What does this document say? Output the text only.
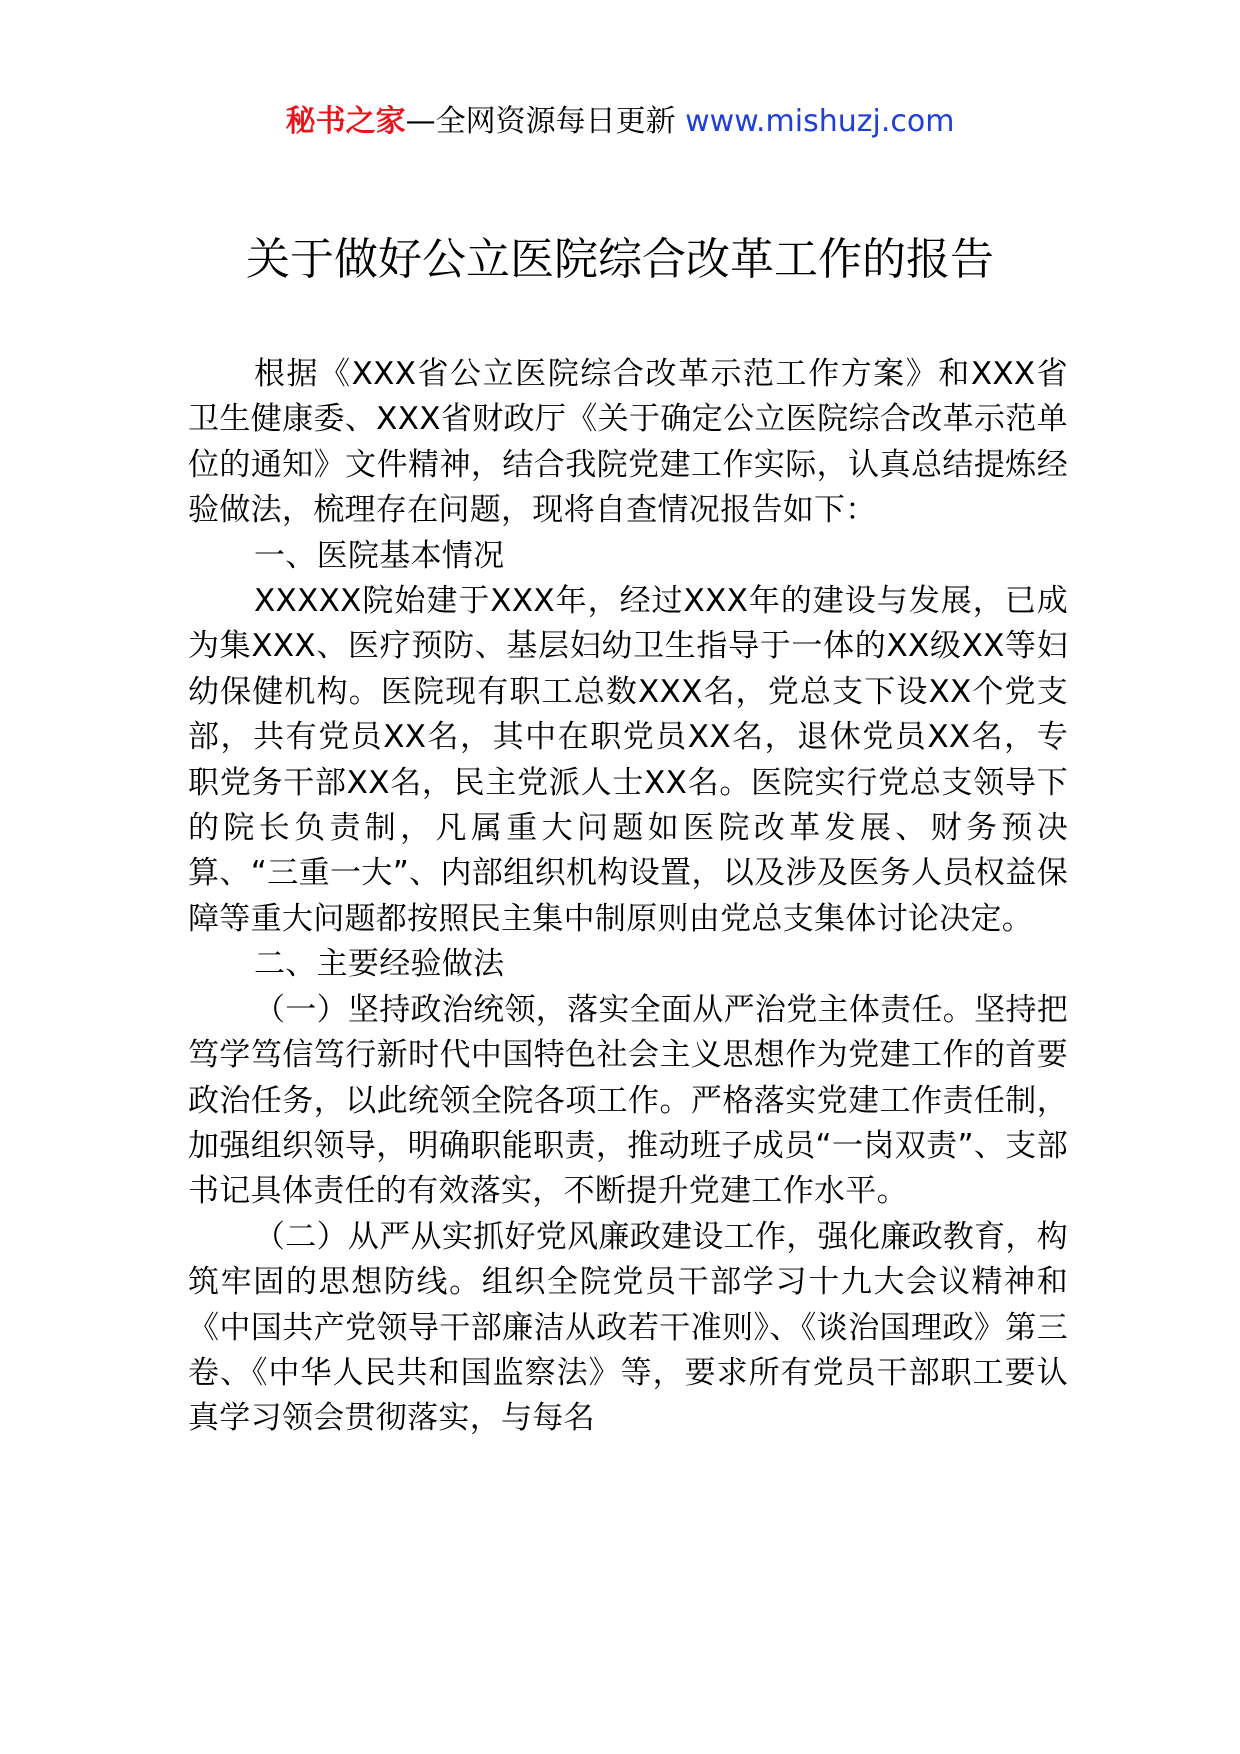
秘书之家—全网资源每日更新 www.mishuzj.com
关于做好公立医院综合改革工作的报告

根据《XXX省公立医院综合改革示范工作方案》和XXX省卫生健康委、XXX省财政厅《关于确定公立医院综合改革示范单位的通知》文件精神，结合我院党建工作实际，认真总结提炼经验做法，梳理存在问题，现将自查情况报告如下：

一、医院基本情况

XXXXX院始建于XXX年，经过XXX年的建设与发展，已成为集XXX、医疗预防、基层妇幼卫生指导于一体的XX级XX等妇幼保健机构。医院现有职工总数XXX名，党总支下设XX个党支部，共有党员XX名，其中在职党员XX名，退休党员XX名，专职党务干部XX名，民主党派人士XX名。医院实行党总支领导下的院长负责制，凡属重大问题如医院改革发展、财务预决算、“三重一大”、内部组织机构设置，以及涉及医务人员权益保障等重大问题都按照民主集中制原则由党总支集体讨论决定。

二、主要经验做法

（一）坚持政治统领，落实全面从严治党主体责任。坚持把笃学笃信笃行新时代中国特色社会主义思想作为党建工作的首要政治任务，以此统领全院各项工作。严格落实党建工作责任制，加强组织领导，明确职能职责，推动班子成员“一岗双责”、支部书记具体责任的有效落实，不断提升党建工作水平。

（二）从严从实抓好党风廉政建设工作，强化廉政教育，构筑牢固的思想防线。组织全院党员干部学习十九大会议精神和《中国共产党领导干部廉洁从政若干准则》、《谈治国理政》第三卷、《中华人民共和国监察法》等，要求所有党员干部职工要认真学习领会贯彻落实，与每名
